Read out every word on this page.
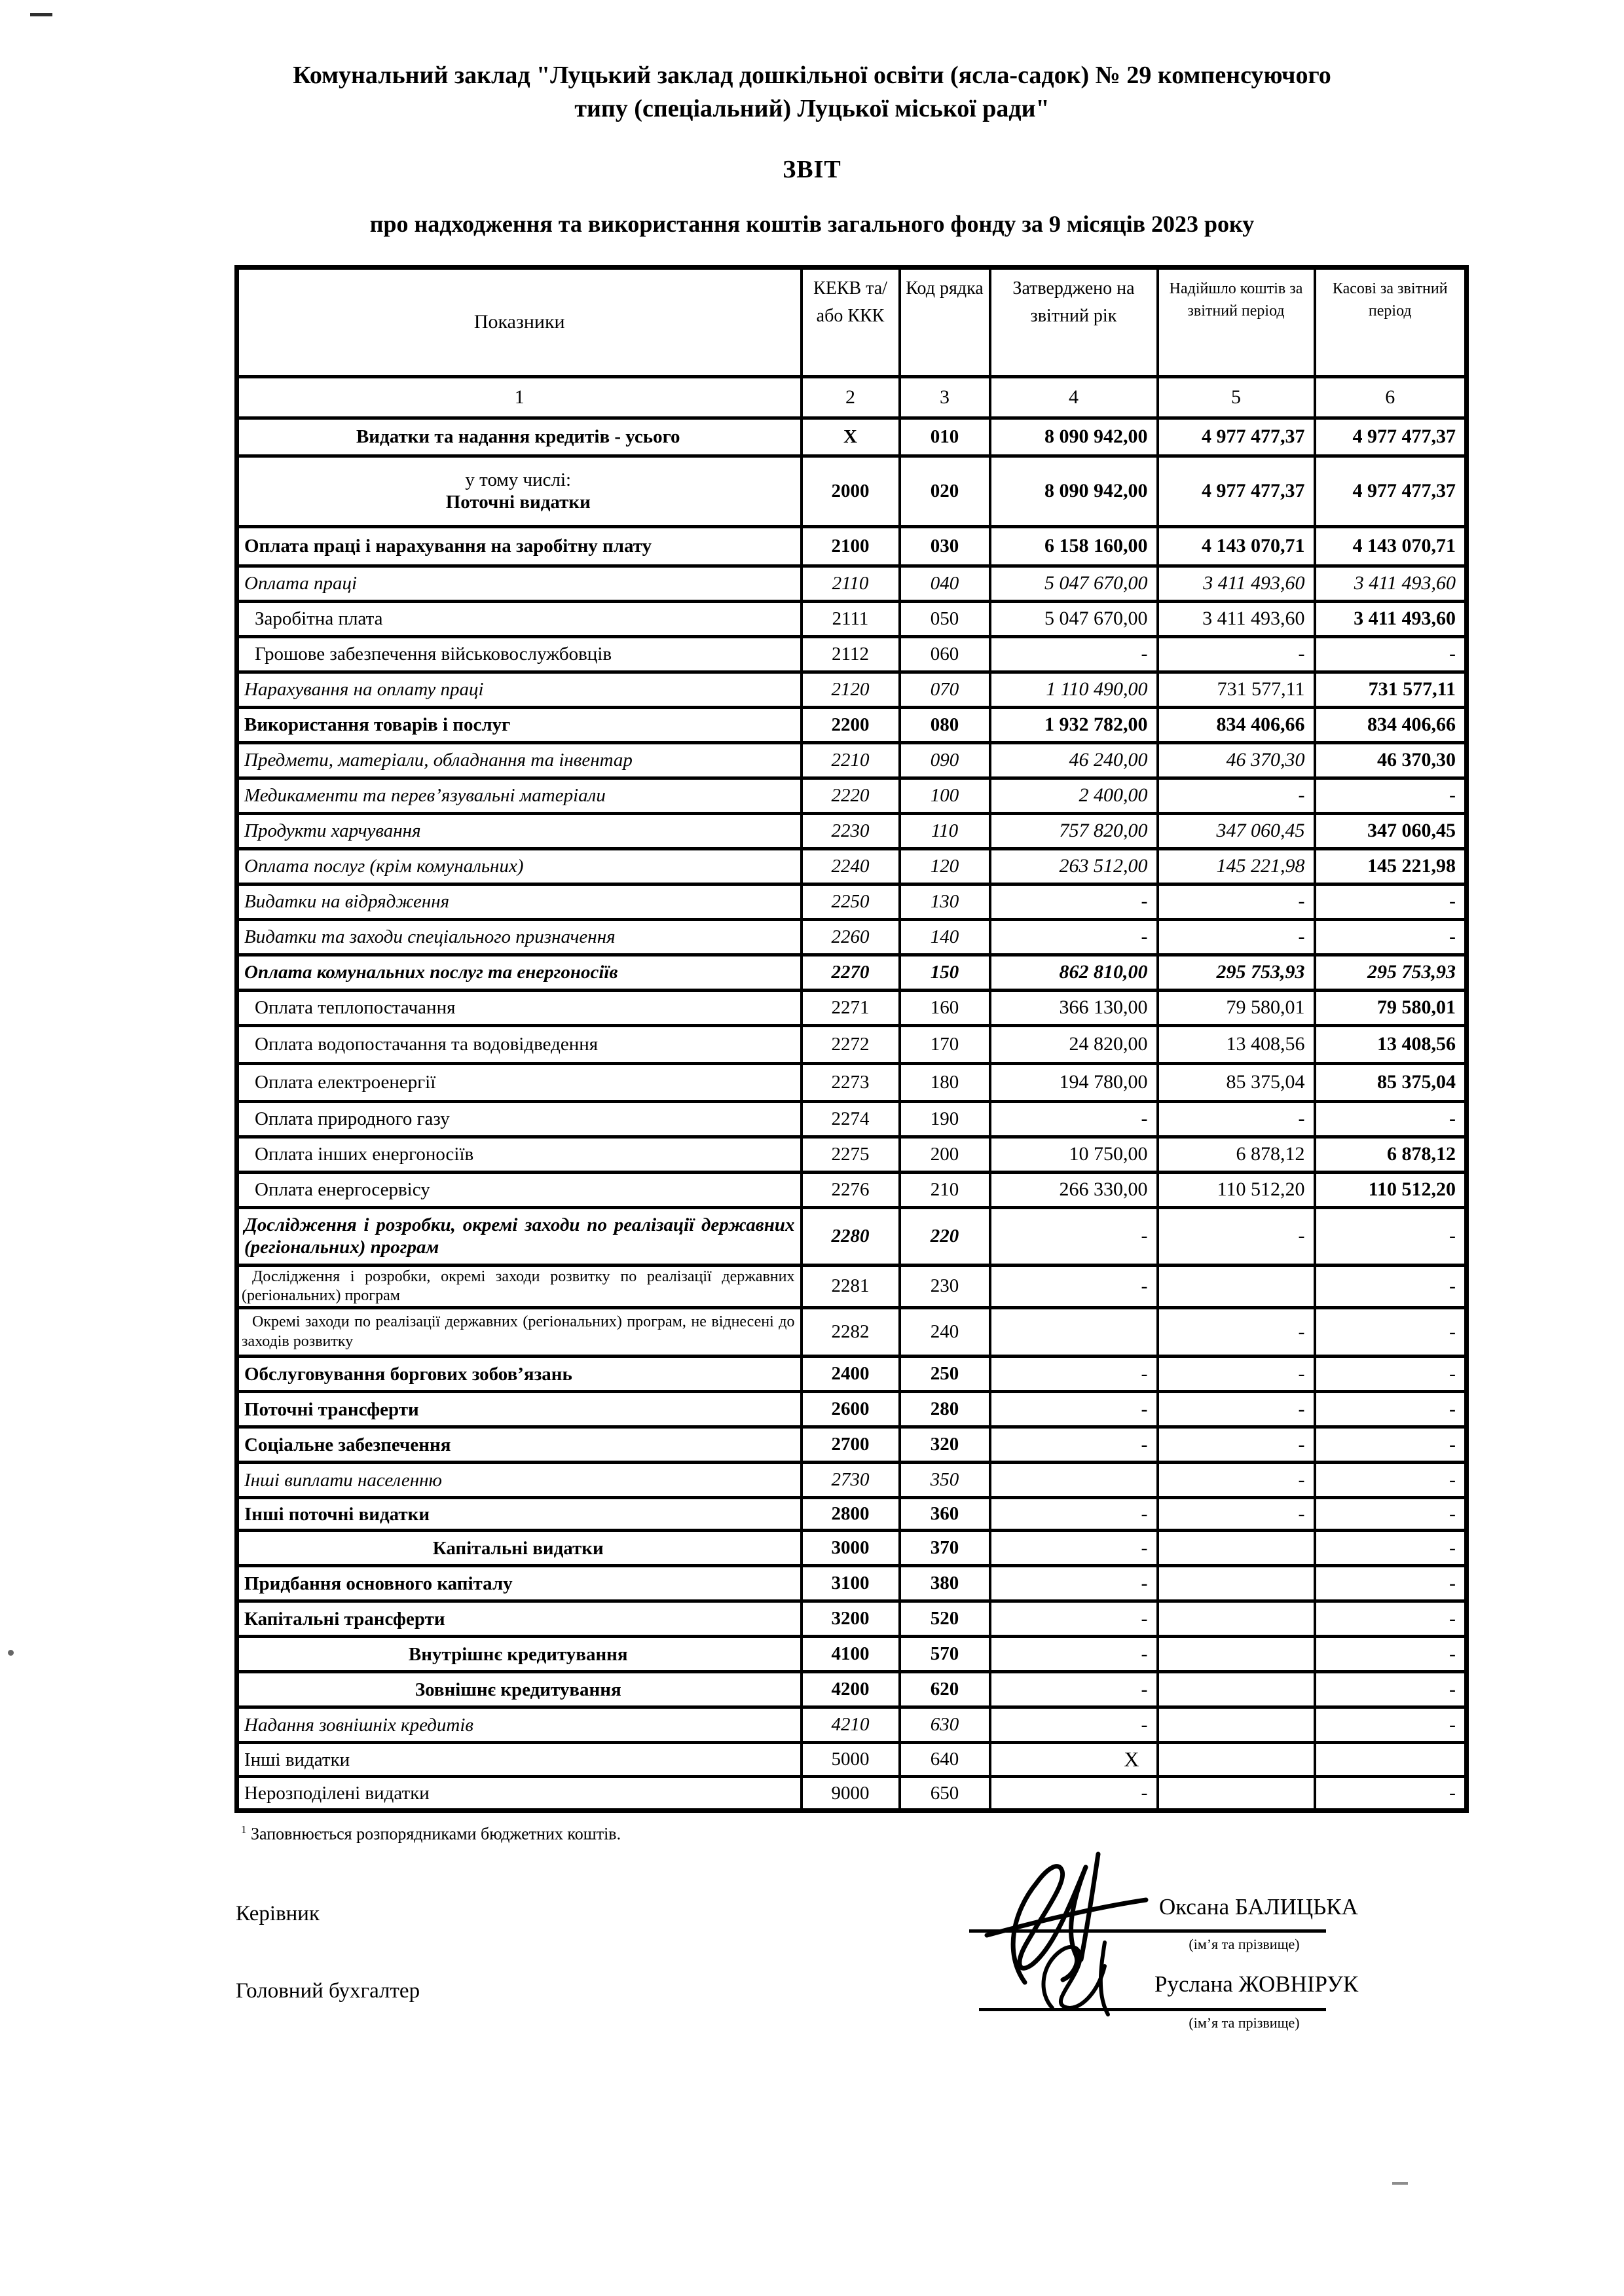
Комунальний заклад "Луцький заклад дошкільної освіти (ясла-садок) № 29 компенсуючого
типу (спеціальний) Луцької міської ради"
ЗВІТ
про надходження та використання коштів загального фонду за 9 місяців 2023 року
Показники	КЕКВ та/або ККК	Код рядка	Затверджено на звітний рік	Надійшло коштів за звітний період	Касові за звітний період
1	2	3	4	5	6
Видатки та надання кредитів - усього	X	010	8 090 942,00	4 977 477,37	4 977 477,37

у тому числі:
Поточні видатки	2000	020	8 090 942,00	4 977 477,37	4 977 477,37
Оплата праці і нарахування на заробітну плату	2100	030	6 158 160,00	4 143 070,71	4 143 070,71
Оплата праці	2110	040	5 047 670,00	3 411 493,60	3 411 493,60
Заробітна плата	2111	050	5 047 670,00	3 411 493,60	3 411 493,60
Грошове забезпечення військовослужбовців	2112	060	-	-	-
Нарахування на оплату праці	2120	070	1 110 490,00	731 577,11	731 577,11
Використання товарів і послуг	2200	080	1 932 782,00	834 406,66	834 406,66
Предмети, матеріали, обладнання та інвентар	2210	090	46 240,00	46 370,30	46 370,30
Медикаменти та перев’язувальні матеріали	2220	100	2 400,00	-	-
Продукти харчування	2230	110	757 820,00	347 060,45	347 060,45
Оплата послуг (крім комунальних)	2240	120	263 512,00	145 221,98	145 221,98
Видатки на відрядження	2250	130	-	-	-
Видатки та заходи спеціального призначення	2260	140	-	-	-
Оплата комунальних послуг та енергоносіїв	2270	150	862 810,00	295 753,93	295 753,93
Оплата теплопостачання	2271	160	366 130,00	79 580,01	79 580,01
Оплата водопостачання та водовідведення	2272	170	24 820,00	13 408,56	13 408,56
Оплата електроенергії	2273	180	194 780,00	85 375,04	85 375,04
Оплата природного газу	2274	190	-	-	-
Оплата інших енергоносіїв	2275	200	10 750,00	6 878,12	6 878,12
Оплата енергосервісу	2276	210	266 330,00	110 512,20	110 512,20
Дослідження і розробки, окремі заходи по реалізації державних (регіональних) програм	2280	220	-	-	-
Дослідження і розробки, окремі заходи розвитку по реалізації державних (регіональних) програм	2281	230	-		-
Окремі заходи по реалізації державних (регіональних) програм, не віднесені до заходів розвитку	2282	240		-	-
Обслуговування боргових зобов’язань	2400	250	-	-	-
Поточні трансферти	2600	280	-	-	-
Соціальне забезпечення	2700	320	-	-	-
Інші виплати населенню	2730	350		-	-
Інші поточні видатки	2800	360	-	-	-
Капітальні видатки	3000	370	-		-
Придбання основного капіталу	3100	380	-		-
Капітальні трансферти	3200	520	-		-
Внутрішнє кредитування	4100	570	-		-
Зовнішнє кредитування	4200	620	-		-
Надання зовнішніх кредитів	4210	630	-		-
Інші видатки	5000	640	X		
Нерозподілені видатки	9000	650	-		-
$^1$ Заповнюється розпорядниками бюджетних коштів.
Керівник	Оксана БАЛИЦЬКА
(ім’я та прізвище)
Головний бухгалтер	Руслана ЖОВНІРУК
(ім’я та прізвище)
